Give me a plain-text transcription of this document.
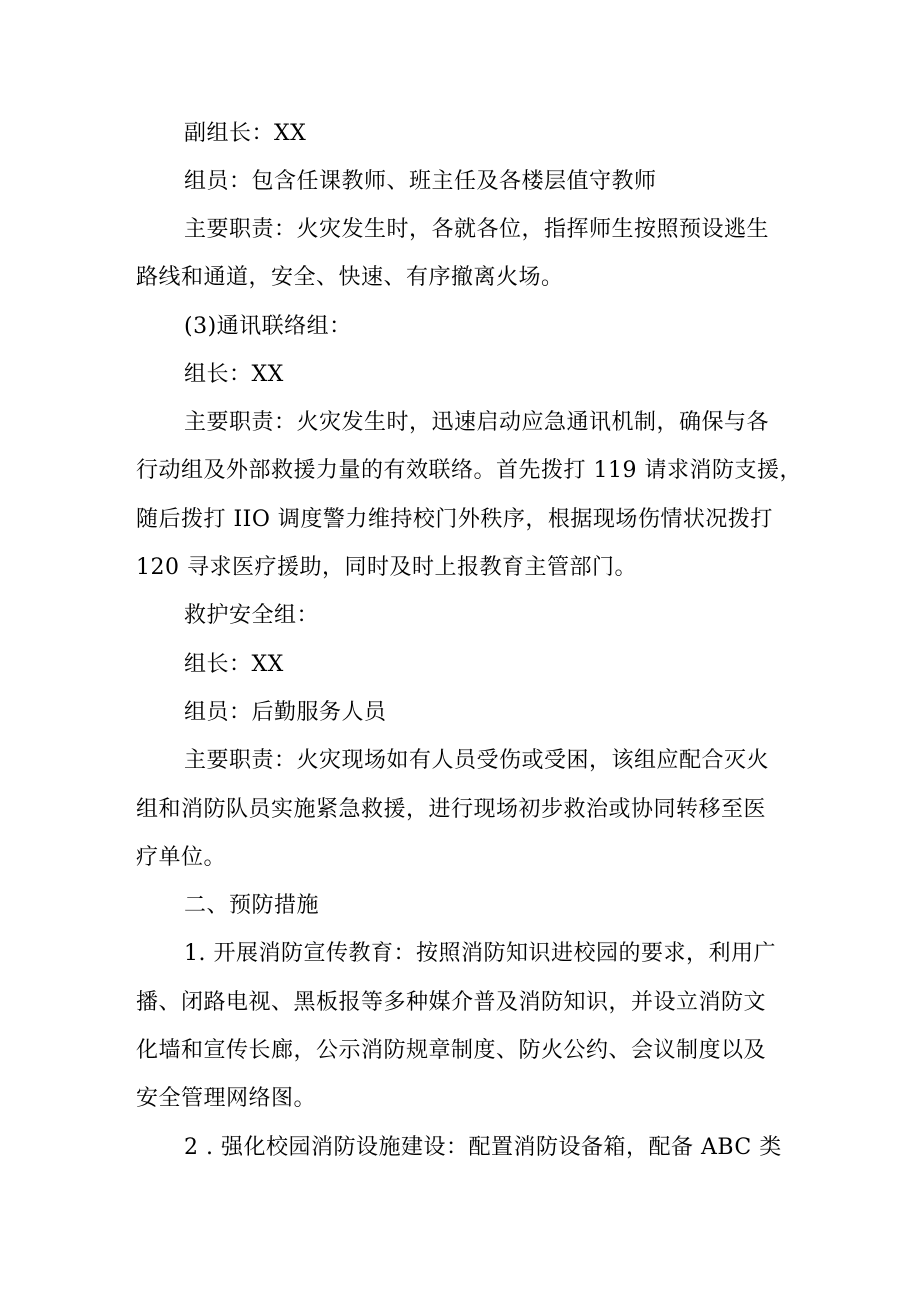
副组长：XX
组员：包含任课教师、班主任及各楼层值守教师
主要职责：火灾发生时，各就各位，指挥师生按照预设逃生
路线和通道，安全、快速、有序撤离火场。
(3)通讯联络组：
组长：XX
主要职责：火灾发生时，迅速启动应急通讯机制，确保与各
行动组及外部救援力量的有效联络。首先拨打 119 请求消防支援，
随后拨打 IIO 调度警力维持校门外秩序，根据现场伤情状况拨打
120 寻求医疗援助，同时及时上报教育主管部门。
救护安全组：
组长：XX
组员：后勤服务人员
主要职责：火灾现场如有人员受伤或受困，该组应配合灭火
组和消防队员实施紧急救援，进行现场初步救治或协同转移至医
疗单位。
二、预防措施
1. 开展消防宣传教育：按照消防知识进校园的要求，利用广
播、闭路电视、黑板报等多种媒介普及消防知识，并设立消防文
化墙和宣传长廊，公示消防规章制度、防火公约、会议制度以及
安全管理网络图。
2 . 强化校园消防设施建设：配置消防设备箱，配备 ABC 类
